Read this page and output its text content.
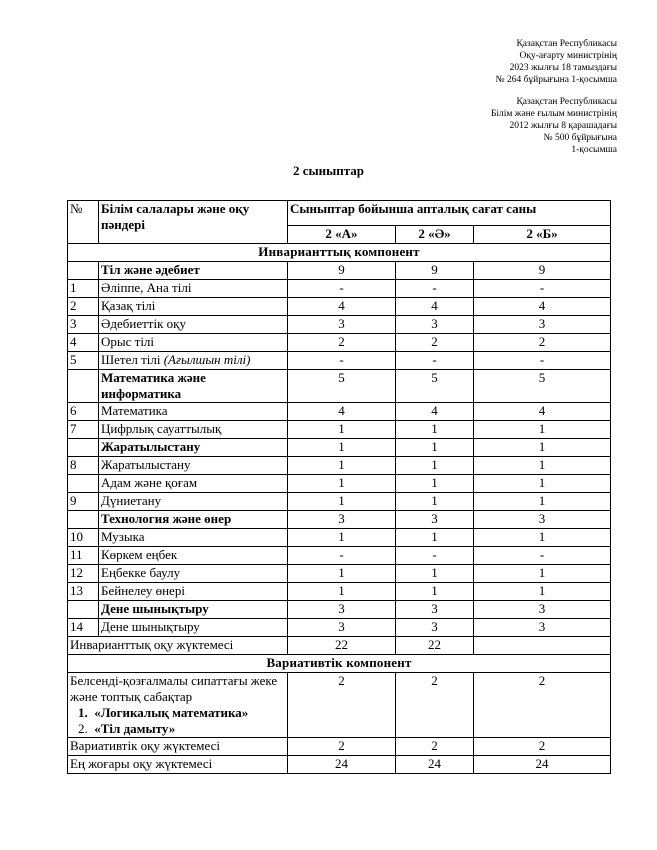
Қазақстан Республикасы
Оқу-ағарту министрінің
2023 жылғы 18 тамыздағы
№ 264 бұйрығына 1-қосымша
Қазақстан Республикасы
Білім және ғылым министрінің
2012 жылғы 8 қарашадағы
№ 500 бұйрығына
1-қосымша
2 сыныптар
№	Білім салалары және оқу пәндері	Сыныптар бойынша апталық сағат саны		
		2 «А»	2 «Ә»	2 «Б»
Инварианттық компонент				
	Тіл және әдебиет	9	9	9
1	Әліппе, Ана тілі	-	-	-
2	Қазақ тілі	4	4	4
3	Әдебиеттік оқу	3	3	3
4	Орыс тілі	2	2	2
5	Шетел тілі (Ағылшын тілі)	-	-	-
	Математика және информатика	5	5	5
6	Математика	4	4	4
7	Цифрлық сауаттылық	1	1	1
	Жаратылыстану	1	1	1
8	Жаратылыстану	1	1	1
	Адам және қоғам	1	1	1
9	Дүниетану	1	1	1
	Технология және өнер	3	3	3
10	Музыка	1	1	1
11	Көркем еңбек	-	-	-
12	Еңбекке баулу	1	1	1
13	Бейнелеу өнері	1	1	1
	Дене шынықтыру	3	3	3
14	Дене шынықтыру	3	3	3
Инварианттық оқу жүктемесі		22	22	
Вариативтік компонент				

Белсенді-қозғалмалы сипаттағы жеке және топтық сабақтар
1. «Логикалық математика»
2. «Тіл дамыту»		2	2	2
Вариативтік оқу жүктемесі		2	2	2
Ең жоғары оқу жүктемесі		24	24	24
